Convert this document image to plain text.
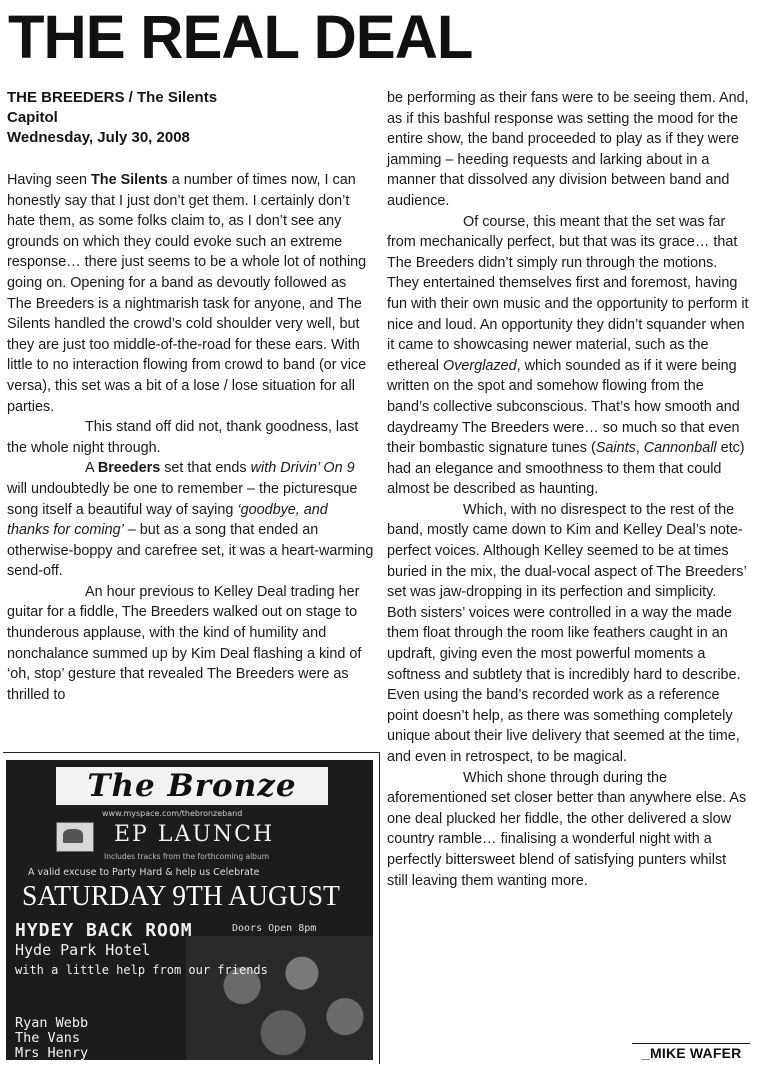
THE REAL DEAL
THE BREEDERS / The Silents
Capitol
Wednesday, July 30, 2008

Having seen The Silents a number of times now, I can honestly say that I just don’t get them. I certainly don’t hate them, as some folks claim to, as I don’t see any grounds on which they could evoke such an extreme response… there just seems to be a whole lot of nothing going on. Opening for a band as devoutly followed as The Breeders is a nightmarish task for anyone, and The Silents handled the crowd’s cold shoulder very well, but they are just too middle-of-the-road for these ears. With little to no interaction flowing from crowd to band (or vice versa), this set was a bit of a lose / lose situation for all parties.

This stand off did not, thank goodness, last the whole night through.

A Breeders set that ends with Drivin’ On 9 will undoubtedly be one to remember – the picturesque song itself a beautiful way of saying ‘goodbye, and thanks for coming’ – but as a song that ended an otherwise-boppy and carefree set, it was a heart-warming send-off.

An hour previous to Kelley Deal trading her guitar for a fiddle, The Breeders walked out on stage to thunderous applause, with the kind of humility and nonchalance summed up by Kim Deal flashing a kind of ‘oh, stop’ gesture that revealed The Breeders were as thrilled to

be performing as their fans were to be seeing them. And, as if this bashful response was setting the mood for the entire show, the band proceeded to play as if they were jamming – heeding requests and larking about in a manner that dissolved any division between band and audience.

Of course, this meant that the set was far from mechanically perfect, but that was its grace… that The Breeders didn’t simply run through the motions. They entertained themselves first and foremost, having fun with their own music and the opportunity to perform it nice and loud. An opportunity they didn’t squander when it came to showcasing newer material, such as the ethereal Overglazed, which sounded as if it were being written on the spot and somehow flowing from the band’s collective subconscious. That’s how smooth and daydreamy The Breeders were… so much so that even their bombastic signature tunes (Saints, Cannonball etc) had an elegance and smoothness to them that could almost be described as haunting.

Which, with no disrespect to the rest of the band, mostly came down to Kim and Kelley Deal’s note-perfect voices. Although Kelley seemed to be at times buried in the mix, the dual-vocal aspect of The Breeders’ set was jaw-dropping in its perfection and simplicity. Both sisters’ voices were controlled in a way the made them float through the room like feathers caught in an updraft, giving even the most powerful moments a softness and subtlety that is incredibly hard to describe. Even using the band’s recorded work as a reference point doesn’t help, as there was something completely unique about their live delivery that seemed at the time, and even in retrospect, to be magical.

Which shone through during the aforementioned set closer better than anywhere else. As one deal plucked her fiddle, the other delivered a slow country ramble… finalising a wonderful night with a perfectly bittersweet blend of satisfying punters whilst still leaving them wanting more.

_MIKE WAFER
The Bronze
www.myspace.com/thebronzeband
EP LAUNCH
Includes tracks from the forthcoming album
A valid excuse to Party Hard & help us Celebrate
SATURDAY 9TH AUGUST
HYDEY BACK ROOM	Doors Open 8pm
Hyde Park Hotel
with a little help from our friends
Ryan Webb
The Vans
Mrs Henry
